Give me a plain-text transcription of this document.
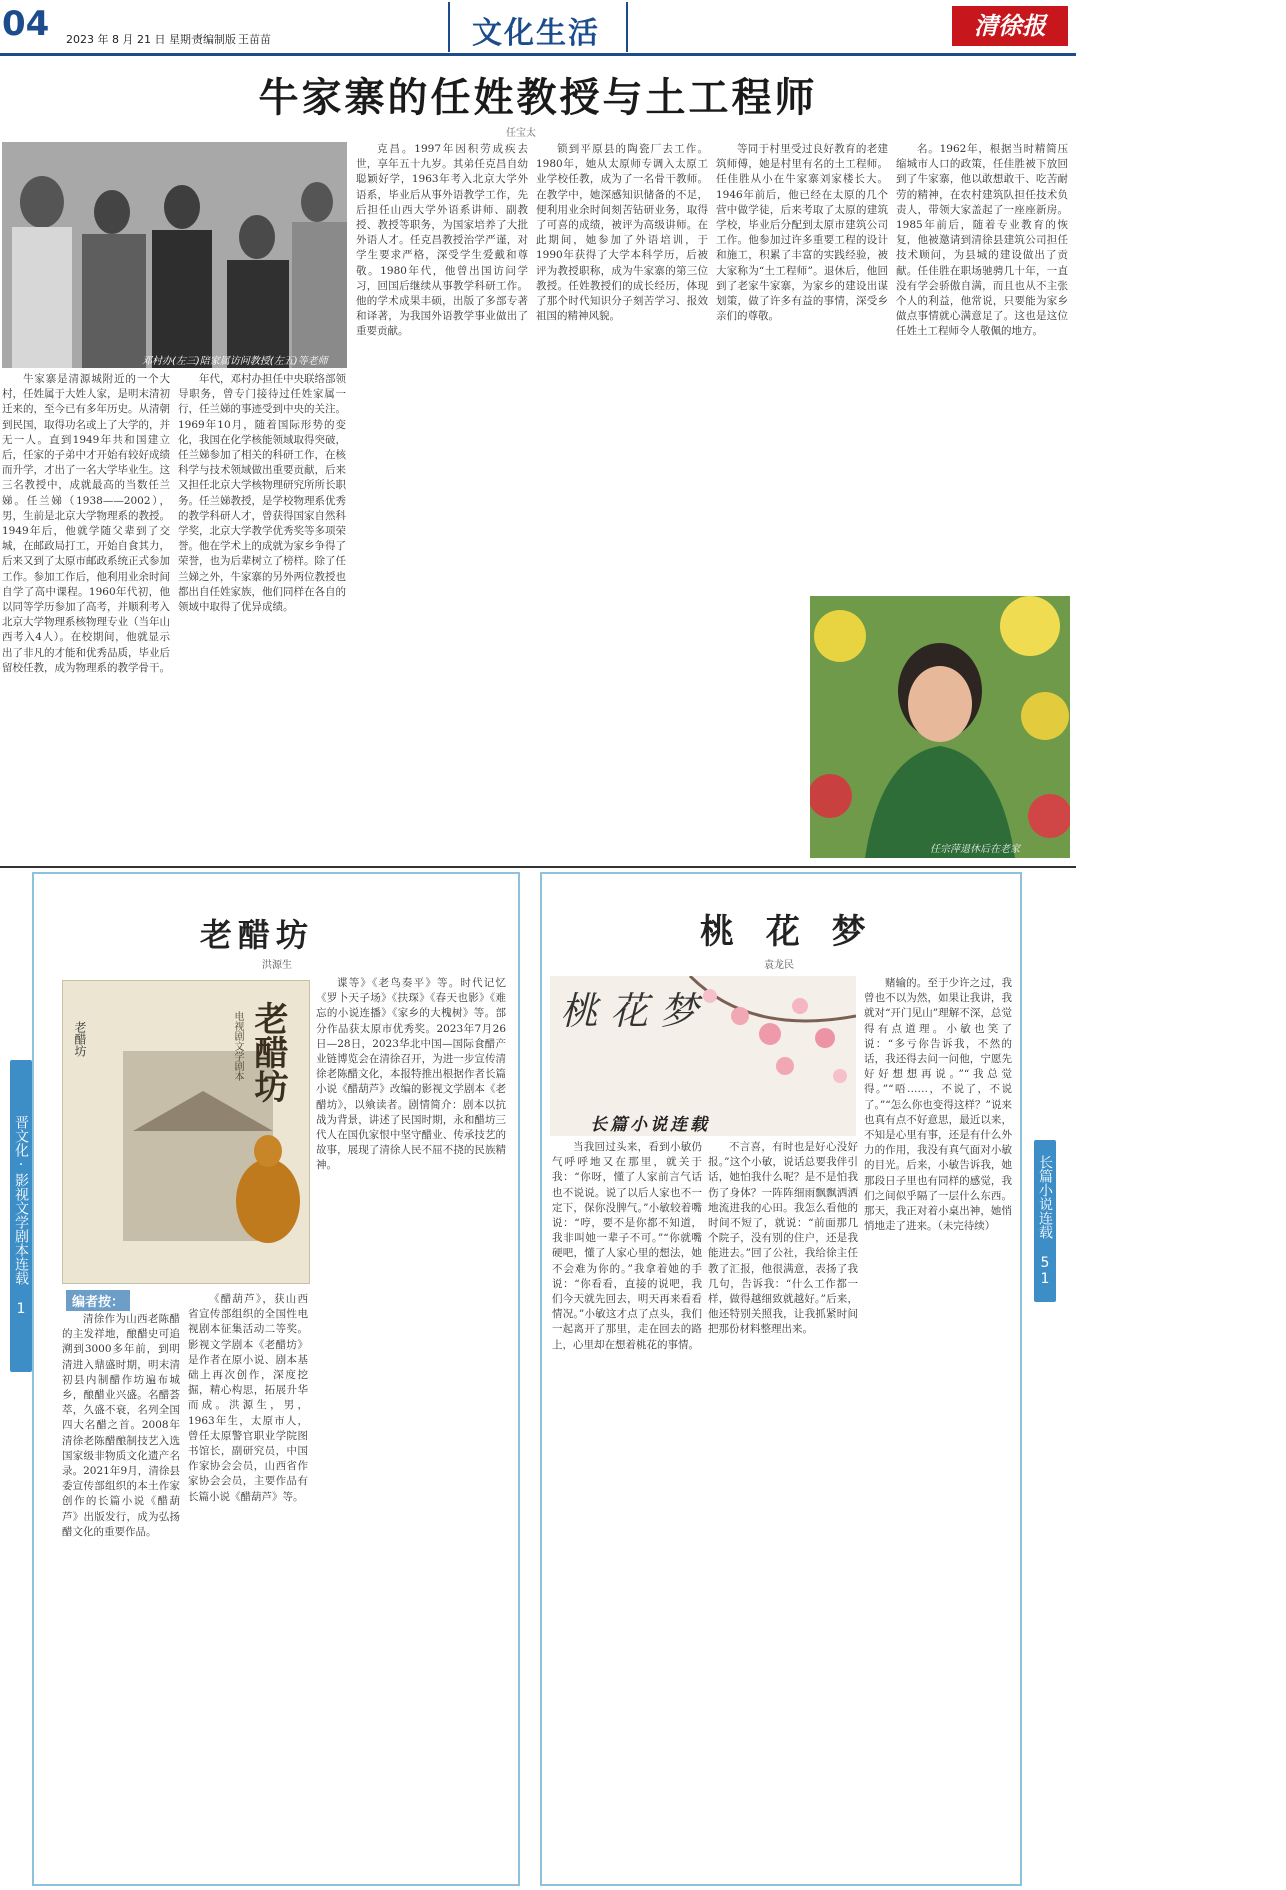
04 2023 年 8 月 21 日 星期一
责编制版 王苗苗	文化生活	清徐报
牛家寨的任姓教授与土工程师
任宝太
邓村办(左三)陪家属访问教授(左五)等老师

牛家寨是清源城附近的一个大村，任姓属于大姓人家，是明末清初迁来的，至今已有多年历史。从清朝到民国，取得功名或上了大学的，并无一人。直到1949年共和国建立后，任家的子弟中才开始有较好成绩而升学，才出了一名大学毕业生。这三名教授中，成就最高的当数任兰娣。任兰娣（1938——2002），男，生前是北京大学物理系的教授。1949年后，他就学随父辈到了交城，在邮政局打工，开始自食其力，后来又到了太原市邮政系统正式参加工作。参加工作后，他利用业余时间自学了高中课程。1960年代初，他以同等学历参加了高考，并顺利考入北京大学物理系核物理专业（当年山西考入4人）。在校期间，他就显示出了非凡的才能和优秀品质，毕业后留校任教，成为物理系的教学骨干。

年代，邓村办担任中央联络部领导职务，曾专门接待过任姓家属一行，任兰娣的事迹受到中央的关注。1969年10月，随着国际形势的变化，我国在化学核能领域取得突破，任兰娣参加了相关的科研工作，在核科学与技术领域做出重要贡献，后来又担任北京大学核物理研究所所长职务。任兰娣教授，是学校物理系优秀的教学科研人才，曾获得国家自然科学奖，北京大学教学优秀奖等多项荣誉。他在学术上的成就为家乡争得了荣誉，也为后辈树立了榜样。除了任兰娣之外，牛家寨的另外两位教授也都出自任姓家族，他们同样在各自的领域中取得了优异成绩。

克昌。1997年因积劳成疾去世，享年五十九岁。其弟任克昌自幼聪颖好学，1963年考入北京大学外语系，毕业后从事外语教学工作，先后担任山西大学外语系讲师、副教授、教授等职务，为国家培养了大批外语人才。任克昌教授治学严谨，对学生要求严格，深受学生爱戴和尊敬。1980年代，他曾出国访问学习，回国后继续从事教学科研工作。他的学术成果丰硕，出版了多部专著和译著，为我国外语教学事业做出了重要贡献。

锁到平原县的陶瓷厂去工作。1980年，她从太原师专调入太原工业学校任教，成为了一名骨干教师。在教学中，她深感知识储备的不足，便利用业余时间刻苦钻研业务，取得了可喜的成绩，被评为高级讲师。在此期间，她参加了外语培训，于1990年获得了大学本科学历，后被评为教授职称，成为牛家寨的第三位教授。任姓教授们的成长经历，体现了那个时代知识分子刻苦学习、报效祖国的精神风貌。

等同于村里受过良好教育的老建筑师傅，她是村里有名的土工程师。任佳胜从小在牛家寨刘家楼长大。1946年前后，他已经在太原的几个营中做学徒，后来考取了太原的建筑学校，毕业后分配到太原市建筑公司工作。他参加过许多重要工程的设计和施工，积累了丰富的实践经验，被大家称为“土工程师”。退休后，他回到了老家牛家寨，为家乡的建设出谋划策，做了许多有益的事情，深受乡亲们的尊敬。

名。1962年，根据当时精简压缩城市人口的政策，任佳胜被下放回到了牛家寨，他以敢想敢干、吃苦耐劳的精神，在农村建筑队担任技术负责人，带领大家盖起了一座座新房。1985年前后，随着专业教育的恢复，他被邀请到清徐县建筑公司担任技术顾问，为县城的建设做出了贡献。任佳胜在职场驰骋几十年，一直没有学会骄傲自满，而且也从不主张个人的利益，他常说，只要能为家乡做点事情就心满意足了。这也是这位任姓土工程师令人敬佩的地方。

任宗萍退休后在老家
晋文化·影视文学剧本连载 1
老醋坊
洪源生
老醋坊	老醋坊
电视剧文学剧本

谍等》《老鸟奏平》等。时代记忆《罗卜天子场》《扶琛》《春天也影》《难忘的小说连播》《家乡的大槐树》等。部分作品获太原市优秀奖。2023年7月26日—28日，2023华北中国—国际食醋产业链博览会在清徐召开，为进一步宣传清徐老陈醋文化，本报特推出根据作者长篇小说《醋葫芦》改编的影视文学剧本《老醋坊》，以飨读者。剧情简介：剧本以抗战为背景，讲述了民国时期，永和醋坊三代人在国仇家恨中坚守醋业、传承技艺的故事，展现了清徐人民不屈不挠的民族精神。

编者按：

清徐作为山西老陈醋的主发祥地，酿醋史可追溯到3000多年前，到明清进入鼎盛时期，明末清初县内制醋作坊遍布城乡，酿醋业兴盛。名醋荟萃，久盛不衰，名列全国四大名醋之首。2008年清徐老陈醋酿制技艺入选国家级非物质文化遗产名录。2021年9月，清徐县委宣传部组织的本土作家创作的长篇小说《醋葫芦》出版发行，成为弘扬醋文化的重要作品。

《醋葫芦》，获山西省宣传部组织的全国性电视剧本征集活动二等奖。影视文学剧本《老醋坊》是作者在原小说、剧本基础上再次创作，深度挖掘，精心构思，拓展升华而成。洪源生，男，1963年生，太原市人，曾任太原警官职业学院图书馆长，副研究员，中国作家协会会员，山西省作家协会会员，主要作品有长篇小说《醋葫芦》等。

长篇小说连载 51
桃 花 梦
袁龙民
桃 花 梦
长篇小说连载

赌输的。至于少许之过，我曾也不以为然，如果让我讲，我就对“开门见山”理解不深，总觉得有点道理。小敏也笑了说：“多亏你告诉我，不然的话，我还得去问一问他，宁愿先好好想想再说。”“我总觉得。”“唔……，不说了，不说了。”“怎么你也变得这样？”说来也真有点不好意思，最近以来，不知是心里有事，还是有什么外力的作用，我没有真气面对小敏的目光。后来，小敏告诉我，她那段日子里也有同样的感觉，我们之间似乎隔了一层什么东西。那天，我正对着小桌出神，她悄悄地走了进来。（未完待续）

当我回过头来，看到小敏仍气呼呼地又在那里，就关于我：“你呀，懂了人家前言气话也不说说。说了以后人家也不一定下，保你没脾气。”小敏较着嘴说：“哼，要不是你都不知道，我非叫她一辈子不可。”“你就嘴硬吧，懂了人家心里的想法，她不会难为你的。”我拿着她的手说：“你看看，直接的说吧，我们今天就先回去，明天再来看看情况。”小敏这才点了点头，我们一起离开了那里，走在回去的路上，心里却在想着桃花的事情。

不言喜，有时也是好心没好报。”这个小敏，说话总要我伴引话，她怕我什么呢？是不是怕我伤了身体？一阵阵细雨飘飘洒洒地流进我的心田。我怎么看他的时间不短了，就说：“前面那几个院子，没有别的住户，还是我能进去。”回了公社，我给徐主任教了汇报，他很满意，表扬了我几句，告诉我：“什么工作都一样，做得越细致就越好。”后来，他还特别关照我，让我抓紧时间把那份材料整理出来。
